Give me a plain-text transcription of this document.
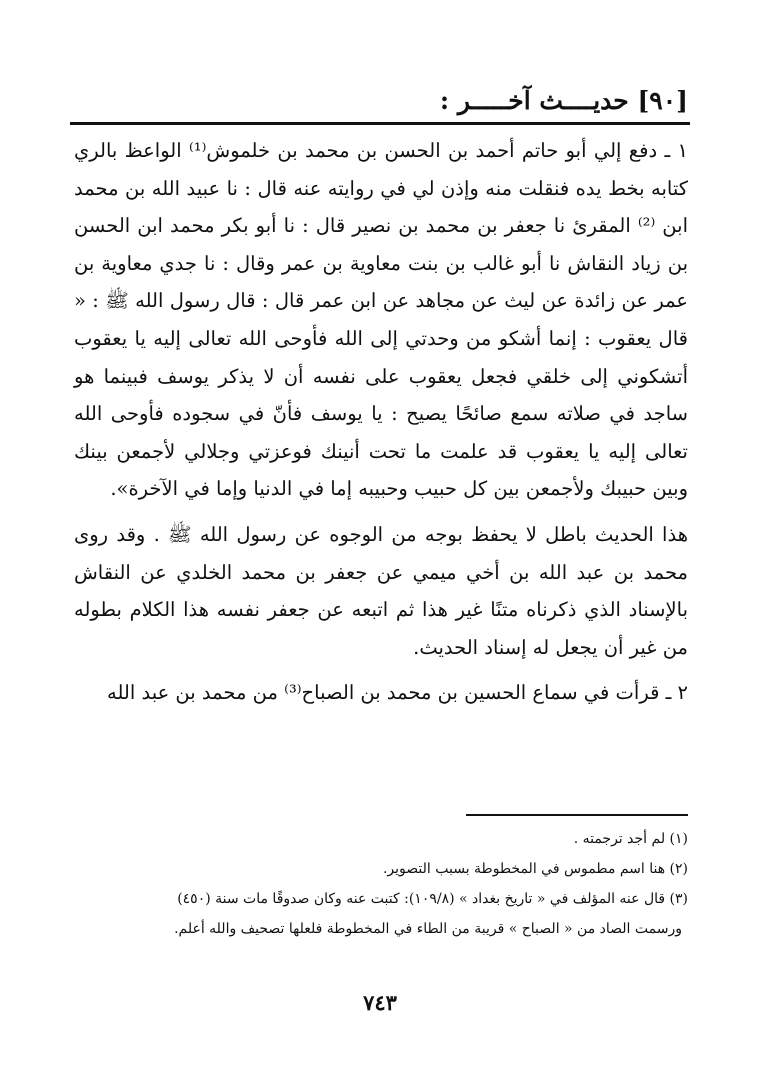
[٩٠] حديــــث آخـــــر :

١ ـ دفع إلي أبو حاتم أحمد بن الحسن بن محمد بن خلموش⁽¹⁾ الواعظ بالري كتابه بخط يده فنقلت منه وإذن لي في روايته عنه قال : نا عبيد الله بن محمد ابن ⁽²⁾ المقرئ نا جعفر بن محمد بن نصير قال : نا أبو بكر محمد ابن الحسن بن زياد النقاش نا أبو غالب بن بنت معاوية بن عمر وقال : نا جدي معاوية بن عمر عن زائدة عن ليث عن مجاهد عن ابن عمر قال : قال رسول الله ﷺ : « قال يعقوب : إنما أشكو من وحدتي إلى الله فأوحى الله تعالى إليه يا يعقوب أتشكوني إلى خلقي فجعل يعقوب على نفسه أن لا يذكر يوسف فبينما هو ساجد في صلاته سمع صائحًا يصيح : يا يوسف فأنّ في سجوده فأوحى الله تعالى إليه يا يعقوب قد علمت ما تحت أنينك فوعزتي وجلالي لأجمعن بينك وبين حبيبك ولأجمعن بين كل حبيب وحبيبه إما في الدنيا وإما في الآخرة».

هذا الحديث باطل لا يحفظ بوجه من الوجوه عن رسول الله ﷺ . وقد روى محمد بن عبد الله بن أخي ميمي عن جعفر بن محمد الخلدي عن النقاش بالإسناد الذي ذكرناه متنًا غير هذا ثم اتبعه عن جعفر نفسه هذا الكلام بطوله من غير أن يجعل له إسناد الحديث.

٢ ـ قرأت في سماع الحسين بن محمد بن الصباح⁽³⁾ من محمد بن عبد الله

(١) لم أجد ترجمته .

(٢) هنا اسم مطموس في المخطوطة بسبب التصوير.

(٣) قال عنه المؤلف في « تاريخ بغداد » (١٠٩/٨): كتبت عنه وكان صدوقًا مات سنة (٤٥٠)

ورسمت الصاد من « الصباح » قريبة من الطاء في المخطوطة فلعلها تصحيف والله أعلم.

٧٤٣
